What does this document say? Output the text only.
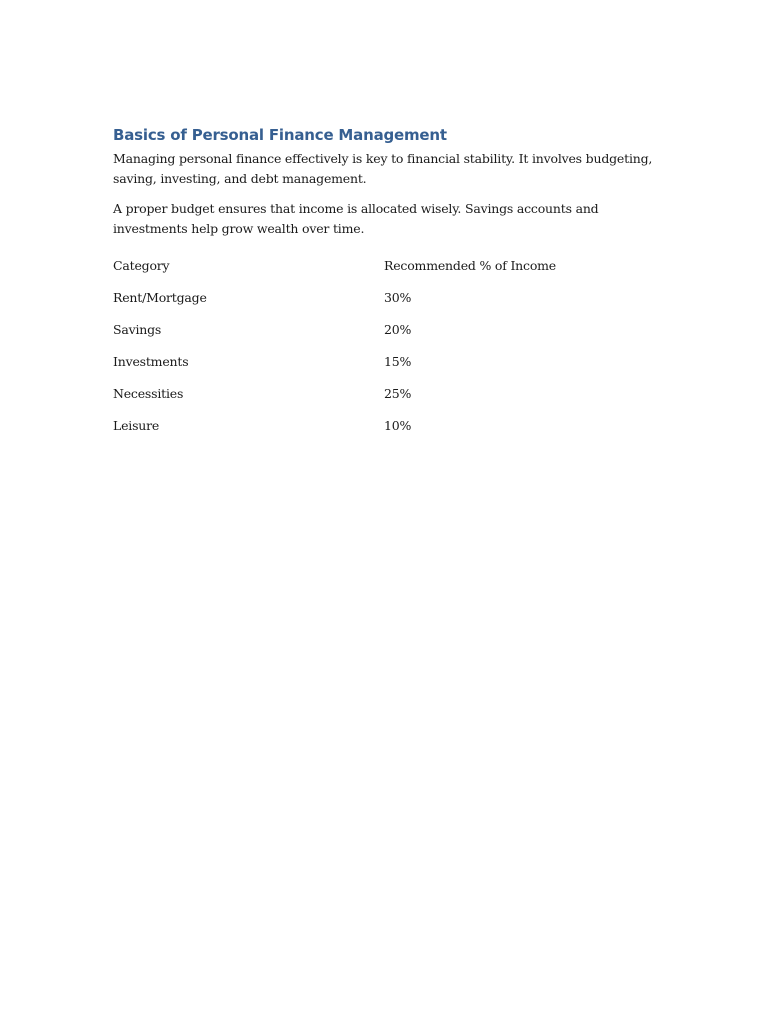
Basics of Personal Finance Management

Managing personal finance effectively is key to financial stability. It involves budgeting, saving, investing, and debt management.

A proper budget ensures that income is allocated wisely. Savings accounts and investments help grow wealth over time.

Category	Recommended % of Income
Rent/Mortgage	30%
Savings	20%
Investments	15%
Necessities	25%
Leisure	10%
